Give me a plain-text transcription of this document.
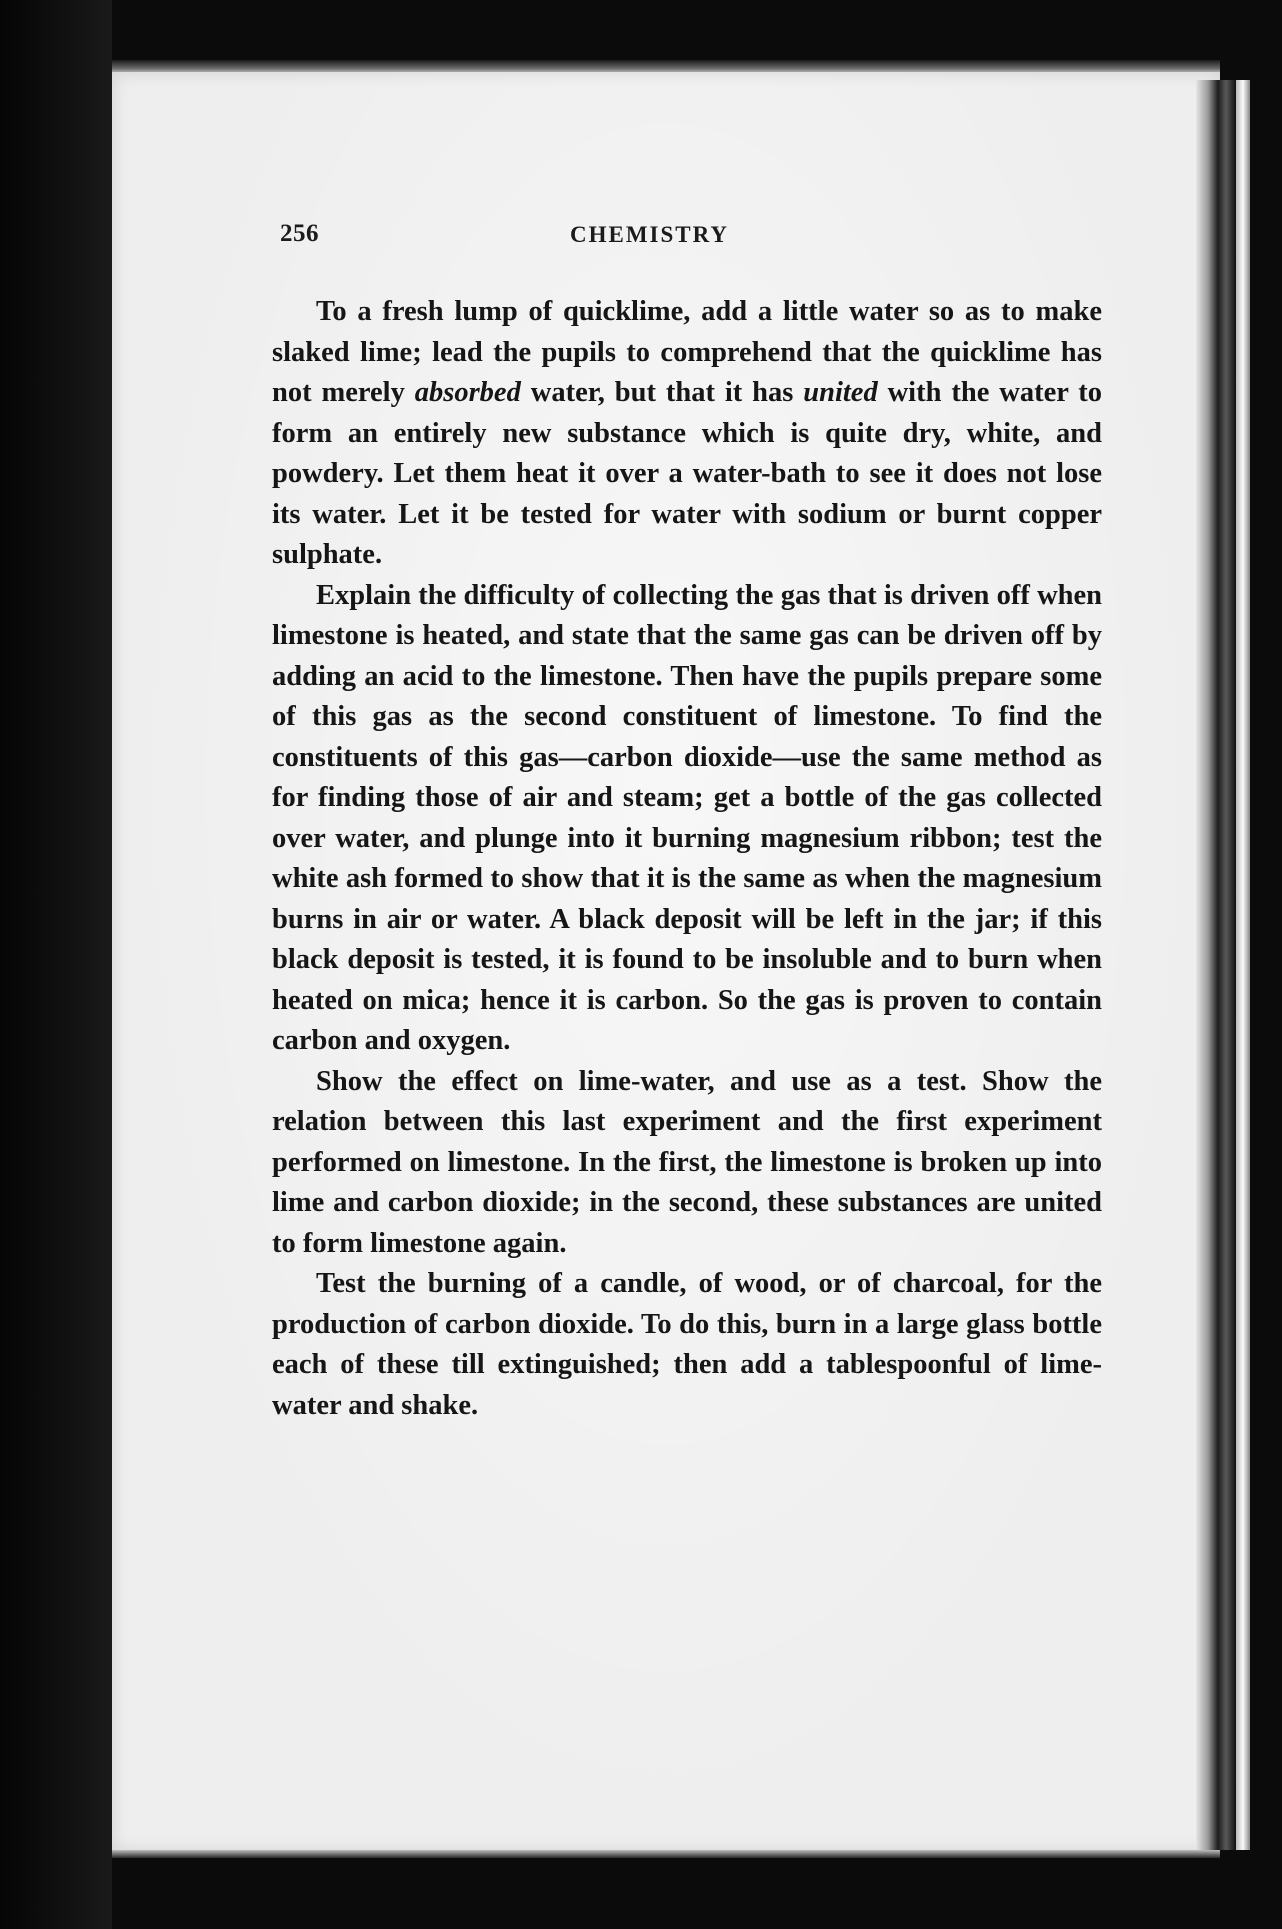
256	CHEMISTRY

To a fresh lump of quicklime, add a little water so as to make slaked lime; lead the pupils to comprehend that the quicklime has not merely absorbed water, but that it has united with the water to form an entirely new substance which is quite dry, white, and powdery. Let them heat it over a water-bath to see it does not lose its water. Let it be tested for water with sodium or burnt copper sulphate.

Explain the difficulty of collecting the gas that is driven off when limestone is heated, and state that the same gas can be driven off by adding an acid to the limestone. Then have the pupils prepare some of this gas as the second constituent of limestone. To find the constituents of this gas—carbon dioxide—use the same method as for finding those of air and steam; get a bottle of the gas collected over water, and plunge into it burning magnesium ribbon; test the white ash formed to show that it is the same as when the magnesium burns in air or water. A black deposit will be left in the jar; if this black deposit is tested, it is found to be insoluble and to burn when heated on mica; hence it is carbon. So the gas is proven to contain carbon and oxygen.

Show the effect on lime-water, and use as a test. Show the relation between this last experiment and the first experiment performed on limestone. In the first, the limestone is broken up into lime and carbon dioxide; in the second, these substances are united to form limestone again.

Test the burning of a candle, of wood, or of charcoal, for the production of carbon dioxide. To do this, burn in a large glass bottle each of these till extinguished; then add a tablespoonful of lime-water and shake.
